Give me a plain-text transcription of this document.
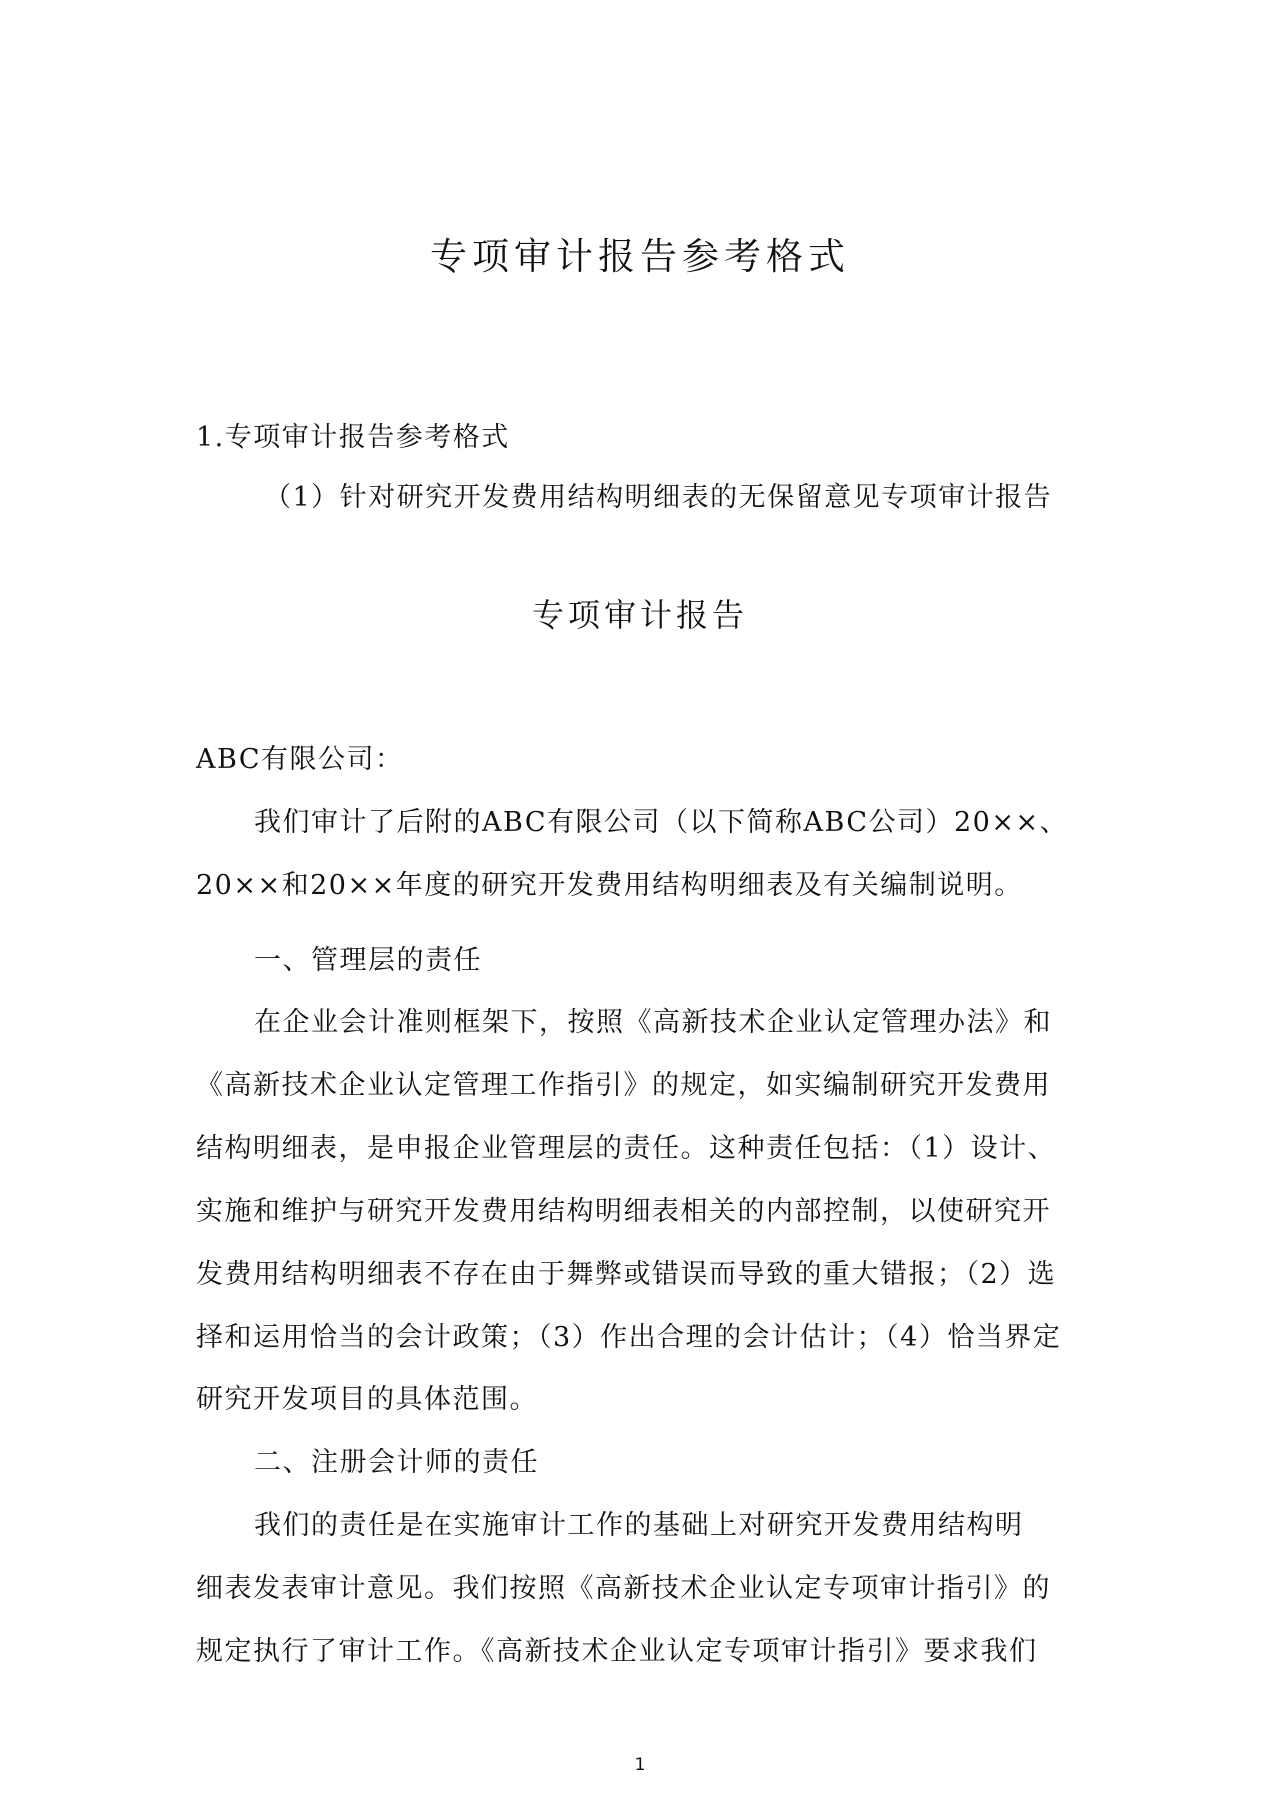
专项审计报告参考格式

1.专项审计报告参考格式

（1）针对研究开发费用结构明细表的无保留意见专项审计报告

专项审计报告

ABC有限公司：

我们审计了后附的ABC有限公司（以下简称ABC公司）20××、

20××和20××年度的研究开发费用结构明细表及有关编制说明。

一、管理层的责任

在企业会计准则框架下，按照《高新技术企业认定管理办法》和

《高新技术企业认定管理工作指引》的规定，如实编制研究开发费用

结构明细表，是申报企业管理层的责任。这种责任包括：（1）设计、

实施和维护与研究开发费用结构明细表相关的内部控制，以使研究开

发费用结构明细表不存在由于舞弊或错误而导致的重大错报；（2）选

择和运用恰当的会计政策；（3）作出合理的会计估计；（4）恰当界定

研究开发项目的具体范围。

二、注册会计师的责任

我们的责任是在实施审计工作的基础上对研究开发费用结构明

细表发表审计意见。我们按照《高新技术企业认定专项审计指引》的

规定执行了审计工作。《高新技术企业认定专项审计指引》要求我们

1
